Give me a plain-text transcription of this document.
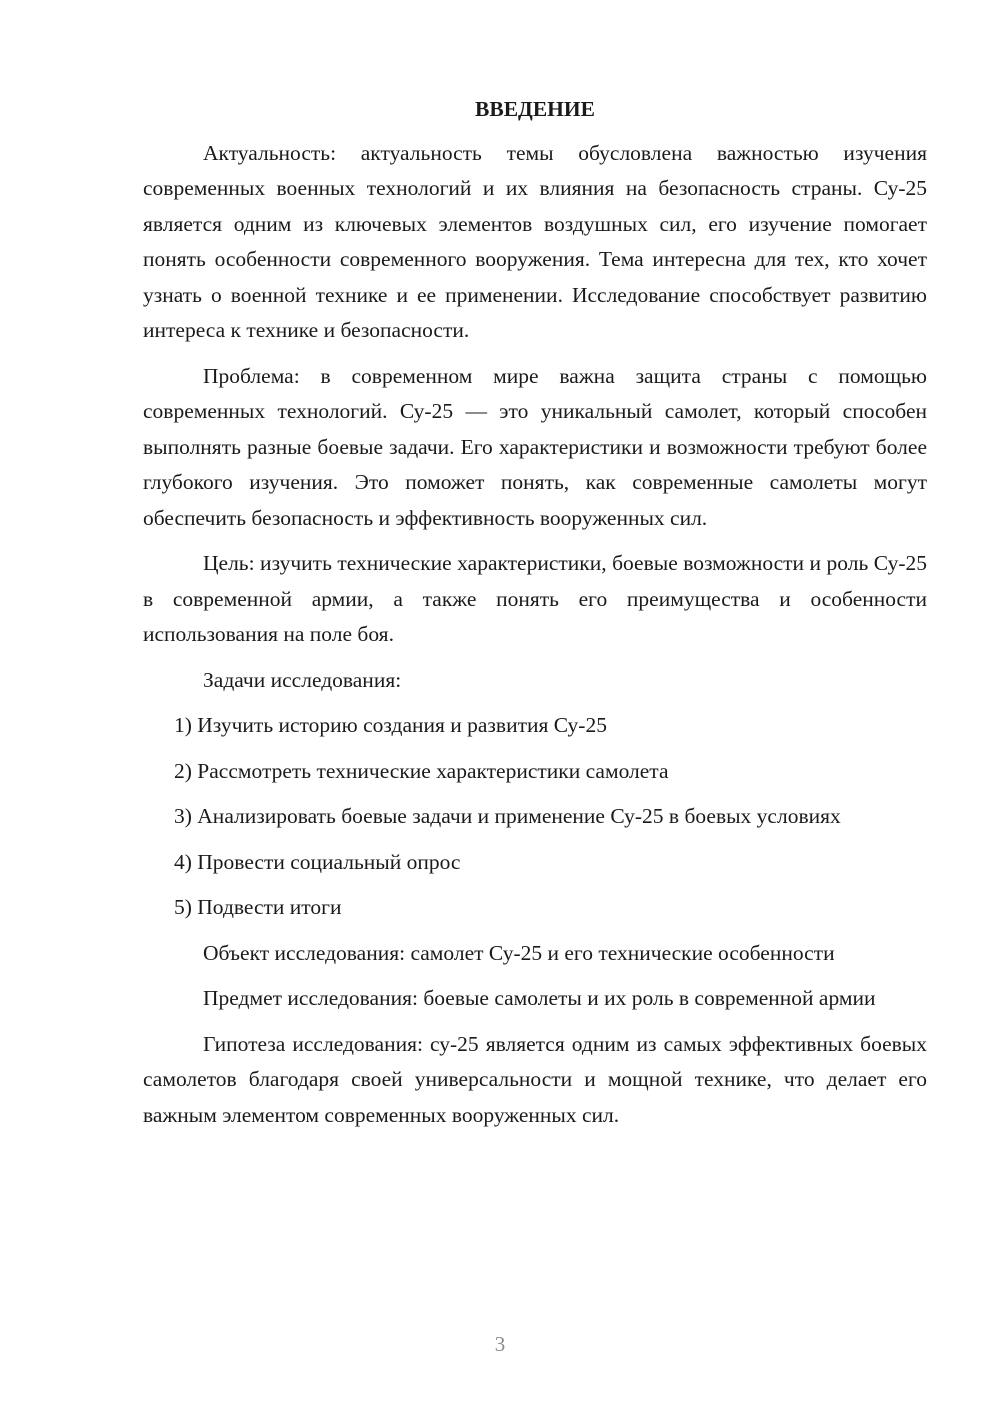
ВВЕДЕНИЕ

Актуальность: актуальность темы обусловлена важностью изучения современных военных технологий и их влияния на безопасность страны. Су-25 является одним из ключевых элементов воздушных сил, его изучение помогает понять особенности современного вооружения. Тема интересна для тех, кто хочет узнать о военной технике и ее применении. Исследование способствует развитию интереса к технике и безопасности.

Проблема: в современном мире важна защита страны с помощью современных технологий. Су-25 — это уникальный самолет, который способен выполнять разные боевые задачи. Его характеристики и возможности требуют более глубокого изучения. Это поможет понять, как современные самолеты могут обеспечить безопасность и эффективность вооруженных сил.

Цель: изучить технические характеристики, боевые возможности и роль Су-25 в современной армии, а также понять его преимущества и особенности использования на поле боя.

Задачи исследования:

1) Изучить историю создания и развития Су-25

2) Рассмотреть технические характеристики самолета

3) Анализировать боевые задачи и применение Су-25 в боевых условиях

4) Провести социальный опрос

5) Подвести итоги

Объект исследования: самолет Су-25 и его технические особенности

Предмет исследования: боевые самолеты и их роль в современной армии

Гипотеза исследования: су-25 является одним из самых эффективных боевых самолетов благодаря своей универсальности и мощной технике, что делает его важным элементом современных вооруженных сил.

3
